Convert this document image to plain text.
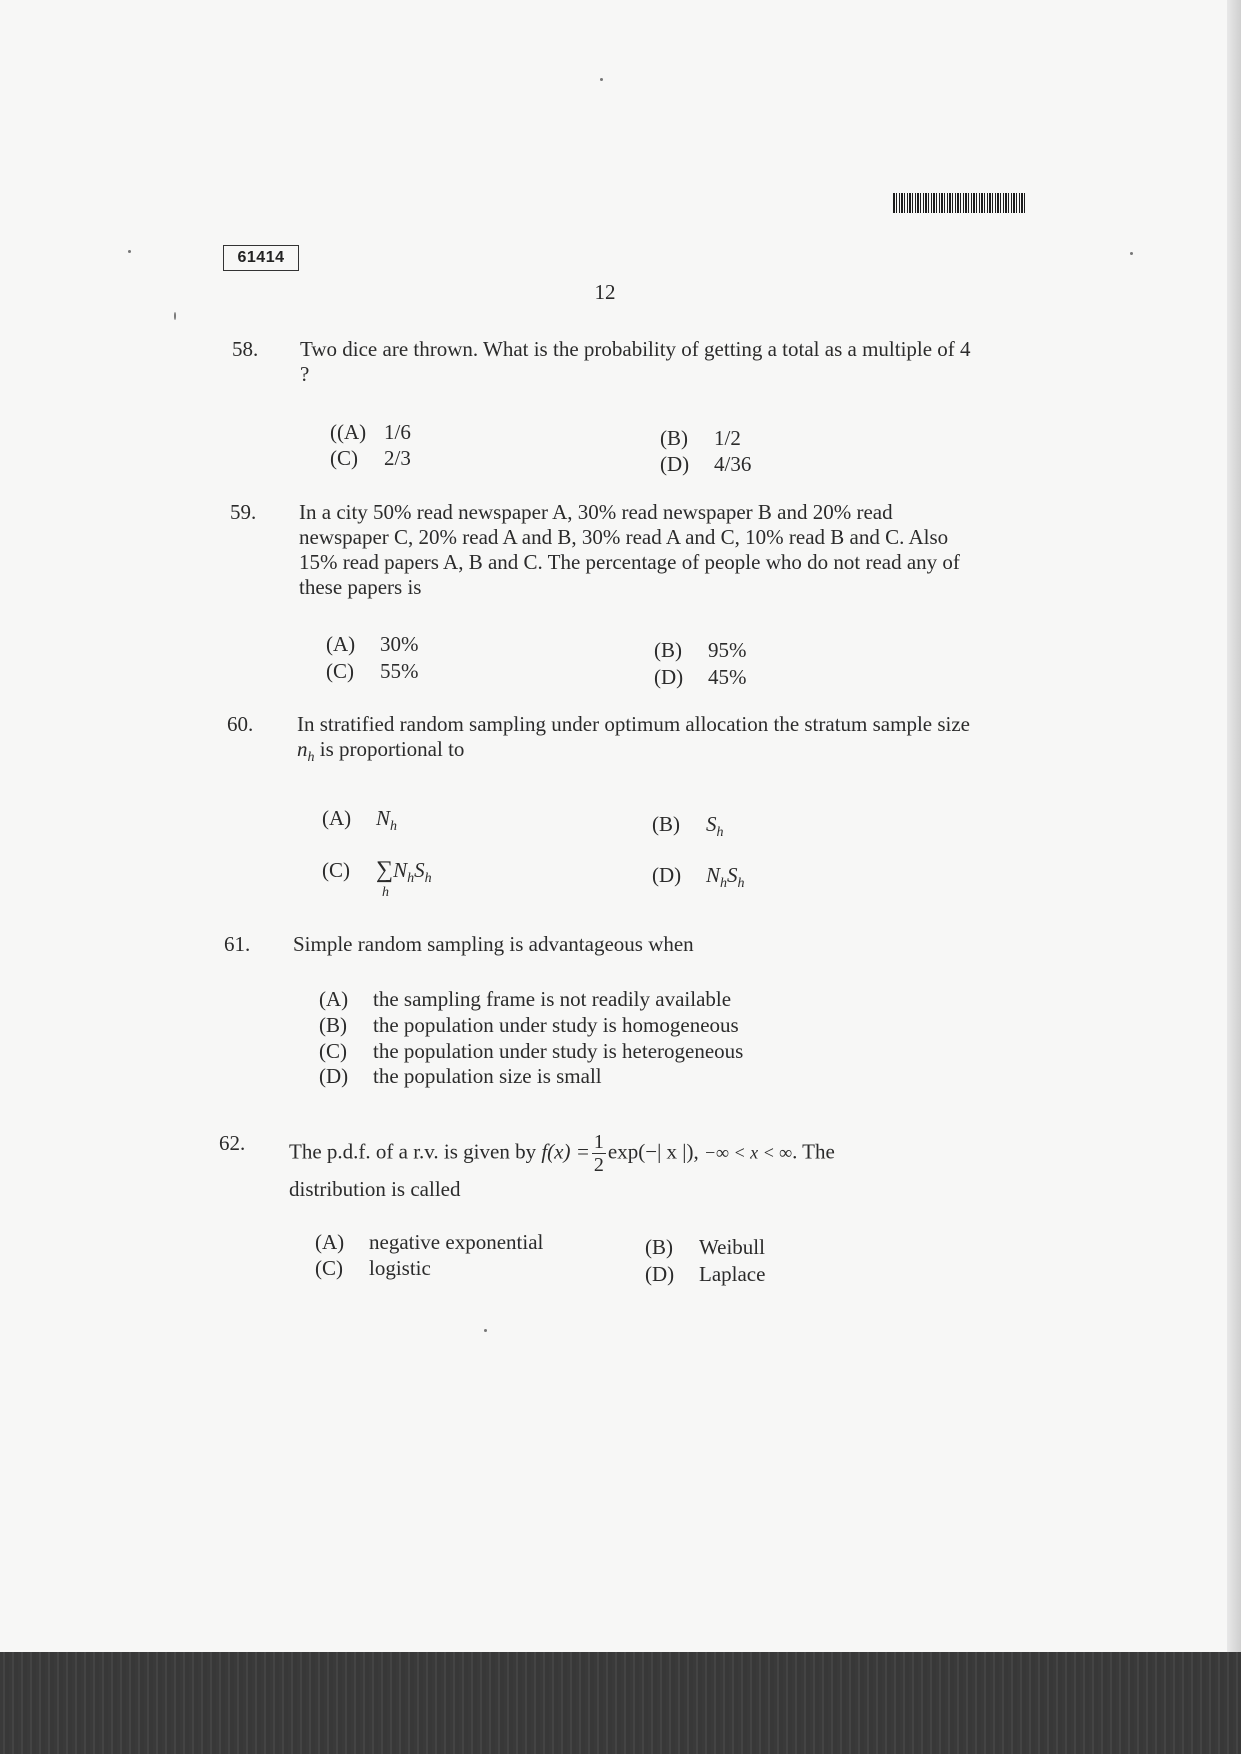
61414
12
58. Two dice are thrown. What is the probability of getting a total as a multiple of 4 ?
((A) 1/6	(B) 1/2
(C) 2/3	(D) 4/36
59. In a city 50% read newspaper A, 30% read newspaper B and 20% read newspaper C, 20% read A and B, 30% read A and C, 10% read B and C. Also 15% read papers A, B and C. The percentage of people who do not read any of these papers is
(A) 30%	(B) 95%
(C) 55%	(D) 45%
60. In stratified random sampling under optimum allocation the stratum sample size $n_h$ is proportional to
(A) $N_h$	(B) $S_h$
(C) ∑
h
$N_hS_h$	(D) $N_hS_h$
61. Simple random sampling is advantageous when
(A) the sampling frame is not readily available
(B) the population under study is homogeneous
(C) the population under study is heterogeneous
(D) the population size is small
62. The p.d.f. of a r.v. is given by $f(x) = \frac{1}{2} \exp(-|$ x |), −∞ < x < ∞. The
distribution is called
(A) negative exponential	(B) Weibull
(C) logistic	(D) Laplace
